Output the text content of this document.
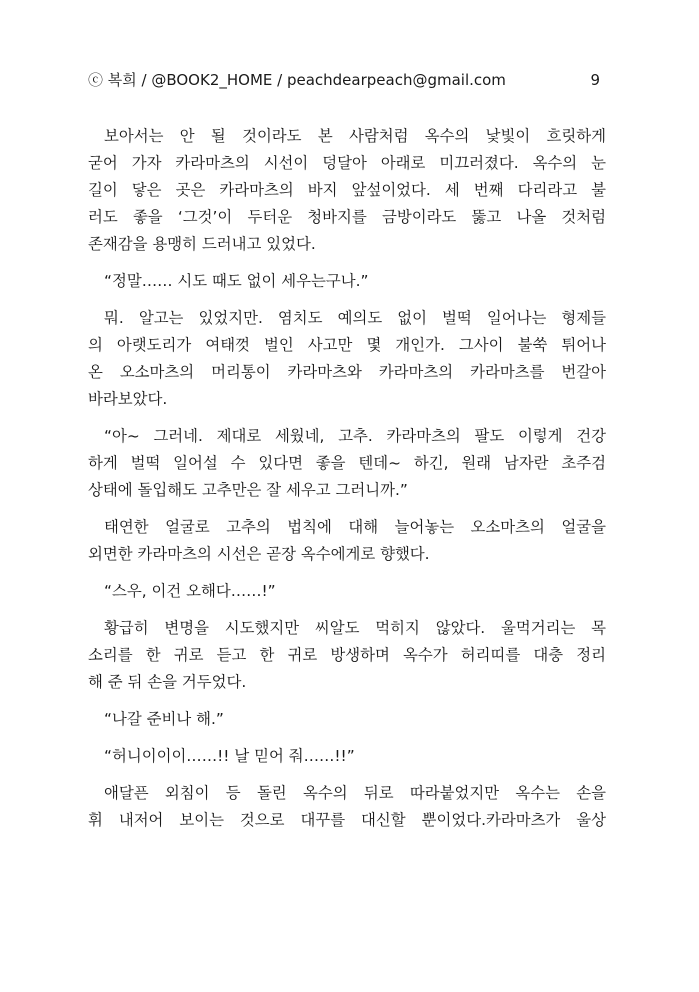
ⓒ 복희 / @BOOK2_HOME / peachdearpeach@gmail.com	9

보아서는 안 될 것이라도 본 사람처럼 옥수의 낯빛이 흐릿하게
굳어 가자 카라마츠의 시선이 덩달아 아래로 미끄러졌다. 옥수의 눈
길이 닿은 곳은 카라마츠의 바지 앞섶이었다. 세 번째 다리라고 불
러도 좋을 ‘그것’이 두터운 청바지를 금방이라도 뚫고 나올 것처럼
존재감을 용맹히 드러내고 있었다.

“정말…… 시도 때도 없이 세우는구나.”

뭐. 알고는 있었지만. 염치도 예의도 없이 벌떡 일어나는 형제들
의 아랫도리가 여태껏 벌인 사고만 몇 개인가. 그사이 불쑥 튀어나
온 오소마츠의 머리통이 카라마츠와 카라마츠의 카라마츠를 번갈아
바라보았다.

“아~ 그러네. 제대로 세웠네, 고추. 카라마츠의 팔도 이렇게 건강
하게 벌떡 일어설 수 있다면 좋을 텐데~ 하긴, 원래 남자란 초주검
상태에 돌입해도 고추만은 잘 세우고 그러니까.”

태연한 얼굴로 고추의 법칙에 대해 늘어놓는 오소마츠의 얼굴을
외면한 카라마츠의 시선은 곧장 옥수에게로 향했다.

“스우, 이건 오해다……!”

황급히 변명을 시도했지만 씨알도 먹히지 않았다. 울먹거리는 목
소리를 한 귀로 듣고 한 귀로 방생하며 옥수가 허리띠를 대충 정리
해 준 뒤 손을 거두었다.

“나갈 준비나 해.”

“허니이이이……!! 날 믿어 줘……!!”

애달픈 외침이 등 돌린 옥수의 뒤로 따라붙었지만 옥수는 손을
휘 내저어 보이는 것으로 대꾸를 대신할 뿐이었다.카라마츠가 울상
